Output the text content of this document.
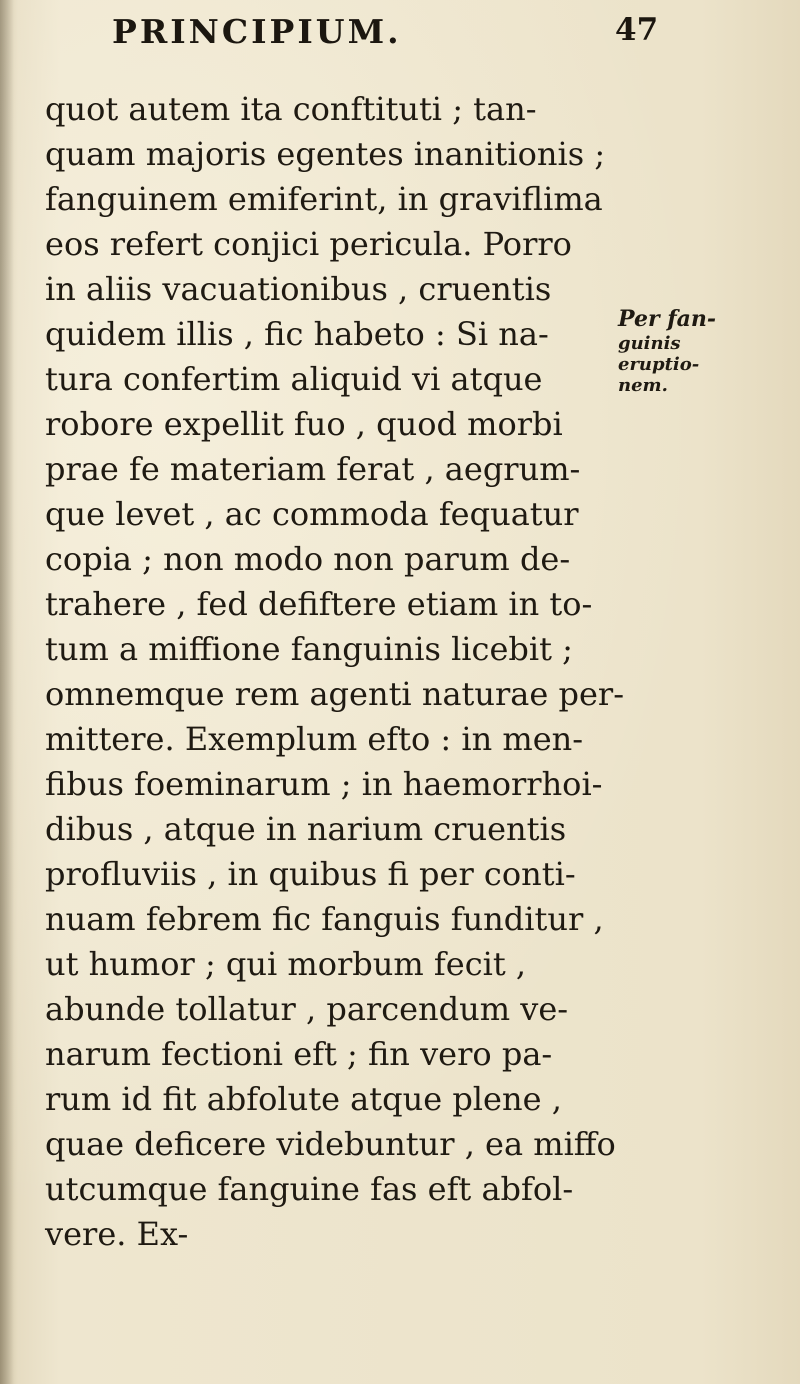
PRINCIPIUM.	47
quot autem ita conftituti ; tan-
quam majoris egentes inanitionis ;
fanguinem emiferint, in graviflima
eos refert conjici pericula. Porro
in aliis vacuationibus , cruentis
quidem illis , fic habeto : Si na-
tura confertim aliquid vi atque
robore expellit fuo , quod morbi
prae fe materiam ferat , aegrum-
que levet , ac commoda fequatur
copia ; non modo non parum de-
trahere , fed defiftere etiam in to-
tum a miffione fanguinis licebit ;
omnemque rem agenti naturae per-
mittere. Exemplum efto : in men-
fibus foeminarum ; in haemorrhoi-
dibus , atque in narium cruentis
profluviis , in quibus fi per conti-
nuam febrem fic fanguis funditur ,
ut humor ; qui morbum fecit ,
abunde tollatur , parcendum ve-
narum fectioni eft ; fin vero pa-
rum id fit abfolute atque plene ,
quae deficere videbuntur , ea miffo
utcumque fanguine fas eft abfol-
vere. Ex-
Per fan-
guinis
eruptio-
nem.
